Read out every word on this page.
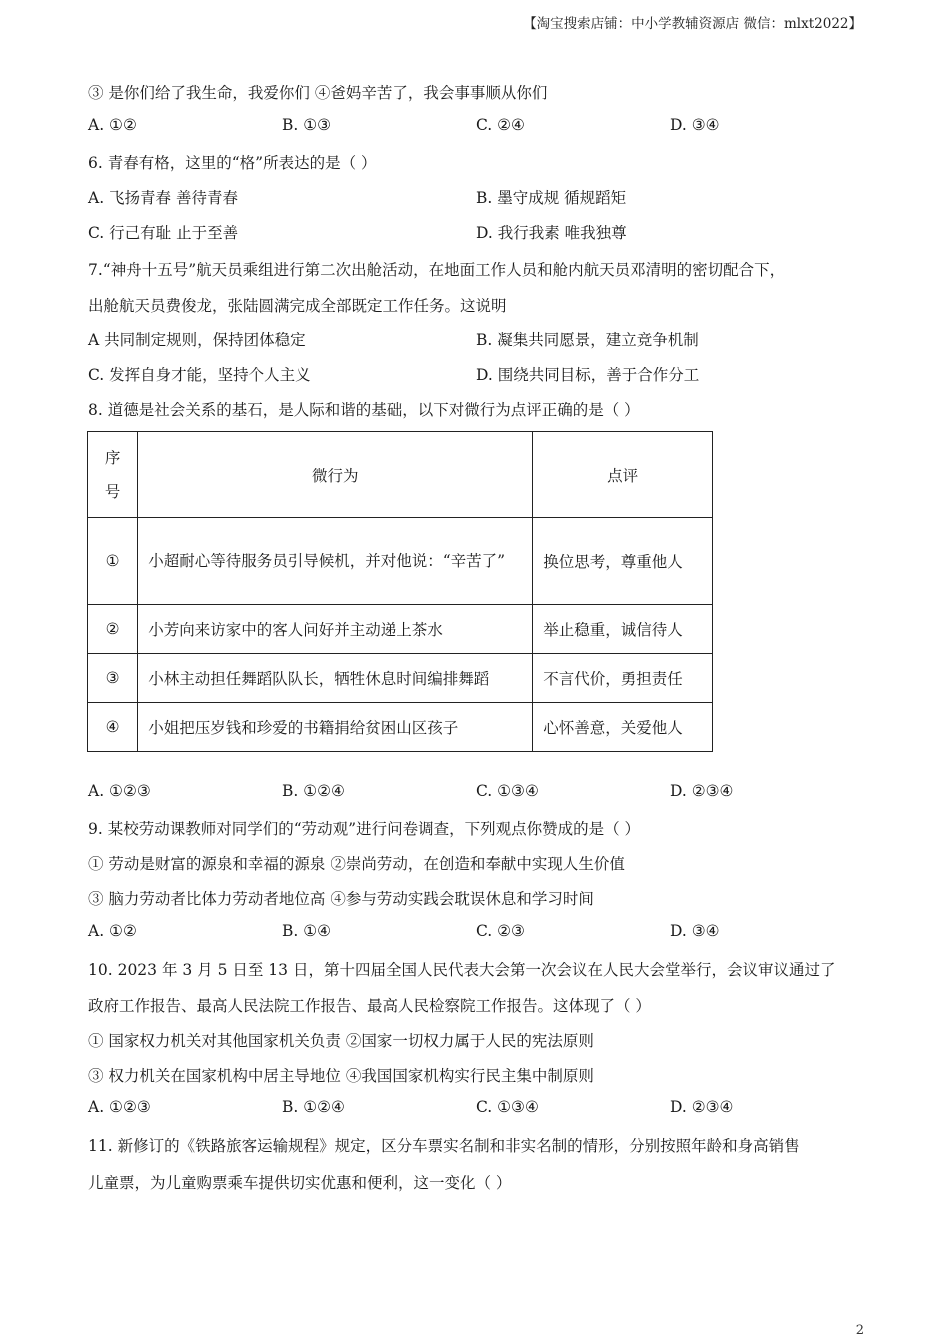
【淘宝搜索店铺：中小学教辅资源店 微信：mlxt2022】
③ 是你们给了我生命，我爱你们 ④爸妈辛苦了，我会事事顺从你们
A. ①②	B. ①③	C. ②④	D. ③④
6. 青春有格，这里的“格”所表达的是（ ）
A. 飞扬青春 善待青春	B. 墨守成规 循规蹈矩
C. 行己有耻 止于至善	D. 我行我素 唯我独尊
7.“神舟十五号”航天员乘组进行第二次出舱活动，在地面工作人员和舱内航天员邓清明的密切配合下，
出舱航天员费俊龙，张陆圆满完成全部既定工作任务。这说明
A 共同制定规则，保持团体稳定	B. 凝集共同愿景，建立竞争机制
C. 发挥自身才能，坚持个人主义	D. 围绕共同目标，善于合作分工
8. 道德是社会关系的基石，是人际和谐的基础，以下对微行为点评正确的是（ ）
序号	微行为	点评
①	小超耐心等待服务员引导候机，并对他说：“辛苦了”	换位思考，尊重他人
②	小芳向来访家中的客人问好并主动递上茶水	举止稳重，诚信待人
③	小林主动担任舞蹈队队长，牺牲休息时间编排舞蹈	不言代价，勇担责任
④	小姐把压岁钱和珍爱的书籍捐给贫困山区孩子	心怀善意，关爱他人
A. ①②③	B. ①②④	C. ①③④	D. ②③④
9. 某校劳动课教师对同学们的“劳动观”进行问卷调查，下列观点你赞成的是（ ）
① 劳动是财富的源泉和幸福的源泉 ②崇尚劳动，在创造和奉献中实现人生价值
③ 脑力劳动者比体力劳动者地位高 ④参与劳动实践会耽误休息和学习时间
A. ①②	B. ①④	C. ②③	D. ③④
10. 2023 年 3 月 5 日至 13 日，第十四届全国人民代表大会第一次会议在人民大会堂举行，会议审议通过了
政府工作报告、最高人民法院工作报告、最高人民检察院工作报告。这体现了（ ）
① 国家权力机关对其他国家机关负责 ②国家一切权力属于人民的宪法原则
③ 权力机关在国家机构中居主导地位 ④我国国家机构实行民主集中制原则
A. ①②③	B. ①②④	C. ①③④	D. ②③④
11. 新修订的《铁路旅客运输规程》规定，区分车票实名制和非实名制的情形，分别按照年龄和身高销售
儿童票，为儿童购票乘车提供切实优惠和便利，这一变化（ ）
2
